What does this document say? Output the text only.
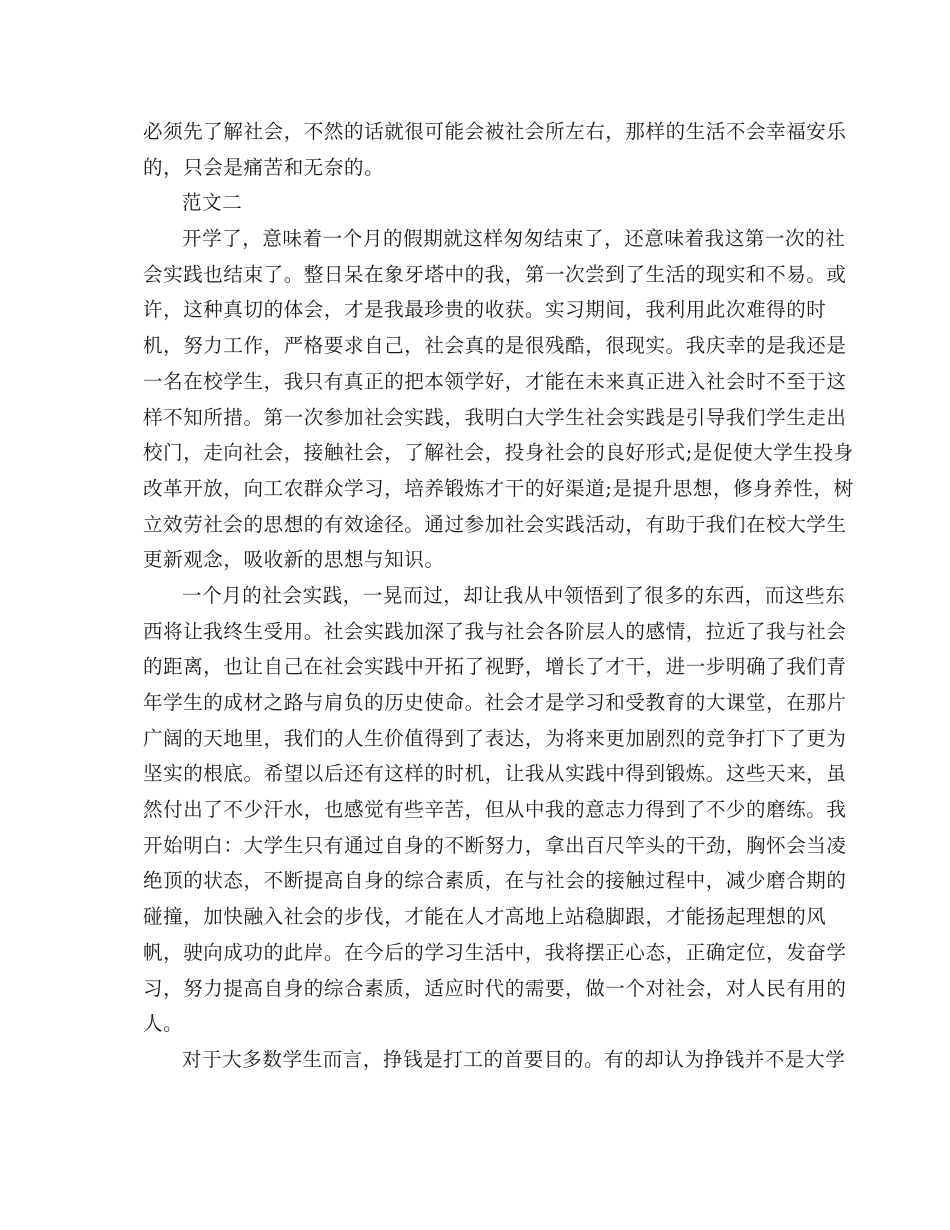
必须先了解社会，不然的话就很可能会被社会所左右，那样的生活不会幸福安乐
的，只会是痛苦和无奈的。
范文二
开学了，意味着一个月的假期就这样匆匆结束了，还意味着我这第一次的社
会实践也结束了。整日呆在象牙塔中的我，第一次尝到了生活的现实和不易。或
许，这种真切的体会，才是我最珍贵的收获。实习期间，我利用此次难得的时
机，努力工作，严格要求自己，社会真的是很残酷，很现实。我庆幸的是我还是
一名在校学生，我只有真正的把本领学好，才能在未来真正进入社会时不至于这
样不知所措。第一次参加社会实践，我明白大学生社会实践是引导我们学生走出
校门，走向社会，接触社会，了解社会，投身社会的良好形式;是促使大学生投身
改革开放，向工农群众学习，培养锻炼才干的好渠道;是提升思想，修身养性，树
立效劳社会的思想的有效途径。通过参加社会实践活动，有助于我们在校大学生
更新观念，吸收新的思想与知识。
一个月的社会实践，一晃而过，却让我从中领悟到了很多的东西，而这些东
西将让我终生受用。社会实践加深了我与社会各阶层人的感情，拉近了我与社会
的距离，也让自己在社会实践中开拓了视野，增长了才干，进一步明确了我们青
年学生的成材之路与肩负的历史使命。社会才是学习和受教育的大课堂，在那片
广阔的天地里，我们的人生价值得到了表达，为将来更加剧烈的竞争打下了更为
坚实的根底。希望以后还有这样的时机，让我从实践中得到锻炼。这些天来，虽
然付出了不少汗水，也感觉有些辛苦，但从中我的意志力得到了不少的磨练。我
开始明白：大学生只有通过自身的不断努力，拿出百尺竿头的干劲，胸怀会当凌
绝顶的状态，不断提高自身的综合素质，在与社会的接触过程中，减少磨合期的
碰撞，加快融入社会的步伐，才能在人才高地上站稳脚跟，才能扬起理想的风
帆，驶向成功的此岸。在今后的学习生活中，我将摆正心态，正确定位，发奋学
习，努力提高自身的综合素质，适应时代的需要，做一个对社会，对人民有用的
人。
对于大多数学生而言，挣钱是打工的首要目的。有的却认为挣钱并不是大学
